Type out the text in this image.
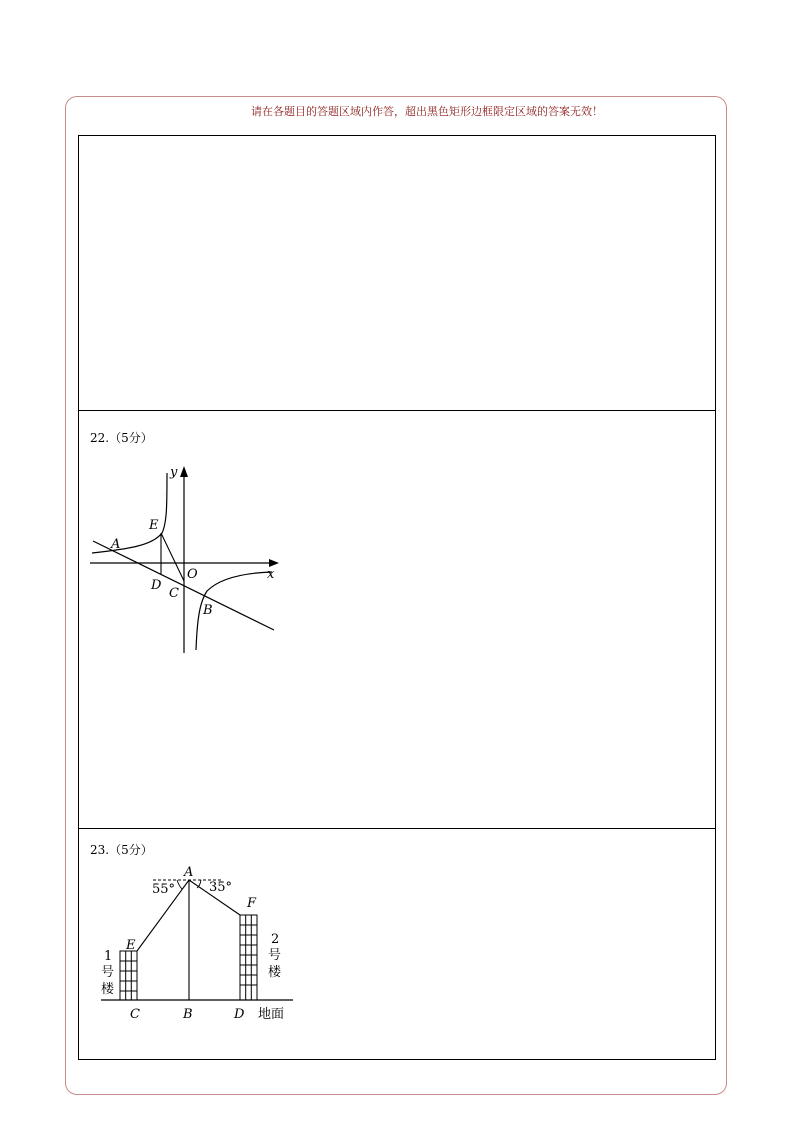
请在各题目的答题区域内作答，超出黑色矩形边框限定区域的答案无效！
22.（5分）
y
x
E
A
D
O
C
B
23.（5分）
A
55°	35°
F
E
1
号
楼
2
号
楼
C	B	D 地面
